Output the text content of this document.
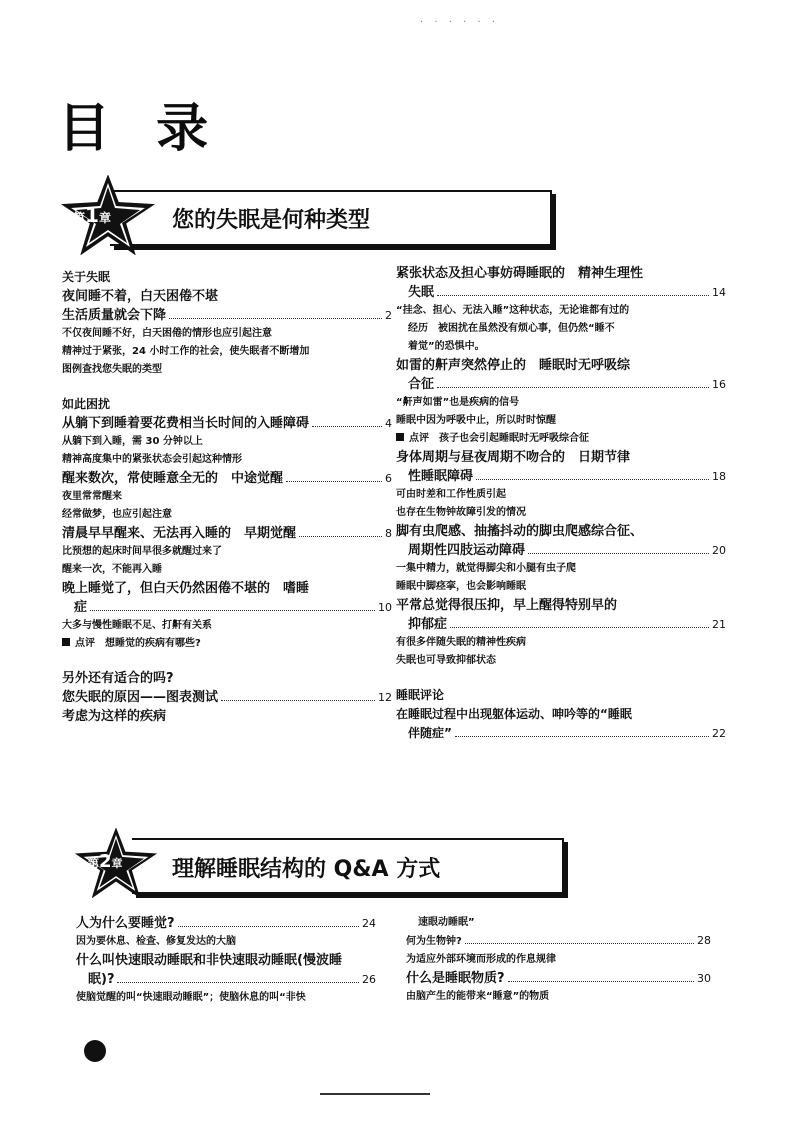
. . . . . .
目 录
第1章	您的失眠是何种类型
关于失眠
夜间睡不着，白天困倦不堪
生活质量就会下降	2
不仅夜间睡不好，白天困倦的情形也应引起注意
精神过于紧张，24 小时工作的社会，使失眠者不断增加
图例查找您失眠的类型
如此困扰
从躺下到睡着要花费相当长时间的入睡障碍	4
从躺下到入睡，需 30 分钟以上
精神高度集中的紧张状态会引起这种情形
醒来数次，常使睡意全无的　中途觉醒	6
夜里常常醒来
经常做梦，也应引起注意
清晨早早醒来、无法再入睡的　早期觉醒	8
比预想的起床时间早很多就醒过来了
醒来一次，不能再入睡
晚上睡觉了，但白天仍然困倦不堪的　嗜睡
症	10
大多与慢性睡眠不足、打鼾有关系
点评　想睡觉的疾病有哪些?
另外还有适合的吗?
您失眠的原因——图表测试	12
考虑为这样的疾病
紧张状态及担心事妨碍睡眠的　精神生理性
失眠	14
“挂念、担心、无法入睡”这种状态，无论谁都有过的
经历　被困扰在虽然没有烦心事，但仍然“睡不
着觉”的恐惧中。
如雷的鼾声突然停止的　睡眠时无呼吸综
合征	16
“鼾声如雷”也是疾病的信号
睡眠中因为呼吸中止，所以时时惊醒
点评　孩子也会引起睡眠时无呼吸综合征
身体周期与昼夜周期不吻合的　日期节律
性睡眠障碍	18
可由时差和工作性质引起
也存在生物钟故障引发的情况
脚有虫爬感、抽搐抖动的脚虫爬感综合征、
周期性四肢运动障碍	20
一集中精力，就觉得脚尖和小腿有虫子爬
睡眠中脚痉挛，也会影响睡眠
平常总觉得很压抑，早上醒得特别早的
抑郁症	21
有很多伴随失眠的精神性疾病
失眠也可导致抑郁状态
睡眠评论
在睡眠过程中出现躯体运动、呻吟等的“睡眠
伴随症”	22
第2章 理解睡眠结构的 Q&A 方式
人为什么要睡觉?	24
因为要休息、检查、修复发达的大脑
什么叫快速眼动睡眠和非快速眼动睡眠(慢波睡
眠)?	26
使脑觉醒的叫“快速眼动睡眠”；使脑休息的叫“非快
速眼动睡眠”
何为生物钟?	28
为适应外部环境而形成的作息规律
什么是睡眠物质?	30
由脑产生的能带来“睡意”的物质
